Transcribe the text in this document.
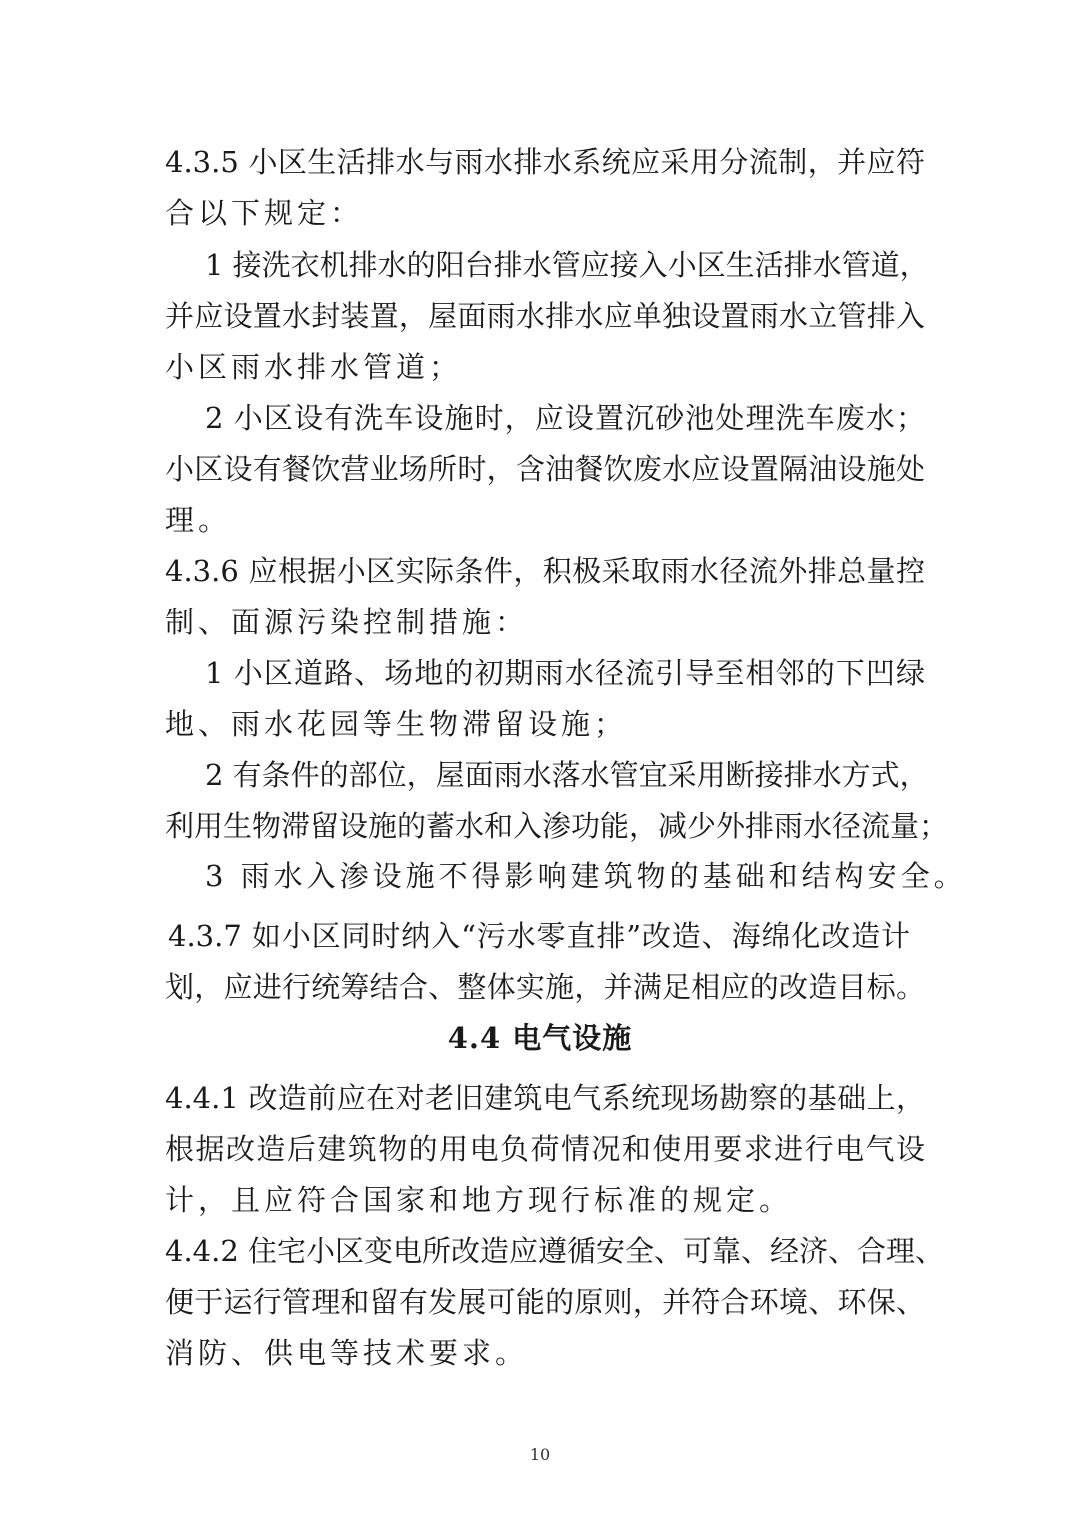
4.3.5 小区生活排水与雨水排水系统应采用分流制，并应符
合以下规定：
1 接洗衣机排水的阳台排水管应接入小区生活排水管道，
并应设置水封装置，屋面雨水排水应单独设置雨水立管排入
小区雨水排水管道；
2 小区设有洗车设施时，应设置沉砂池处理洗车废水；
小区设有餐饮营业场所时，含油餐饮废水应设置隔油设施处
理。
4.3.6 应根据小区实际条件，积极采取雨水径流外排总量控
制、面源污染控制措施：
1 小区道路、场地的初期雨水径流引导至相邻的下凹绿
地、雨水花园等生物滞留设施；
2 有条件的部位，屋面雨水落水管宜采用断接排水方式，
利用生物滞留设施的蓄水和入渗功能，减少外排雨水径流量；
3 雨水入渗设施不得影响建筑物的基础和结构安全。
4.3.7 如小区同时纳入“污水零直排”改造、海绵化改造计
划，应进行统筹结合、整体实施，并满足相应的改造目标。
4.4 电气设施
4.4.1 改造前应在对老旧建筑电气系统现场勘察的基础上，
根据改造后建筑物的用电负荷情况和使用要求进行电气设
计，且应符合国家和地方现行标准的规定。
4.4.2 住宅小区变电所改造应遵循安全、可靠、经济、合理、
便于运行管理和留有发展可能的原则，并符合环境、环保、
消防、供电等技术要求。
10
